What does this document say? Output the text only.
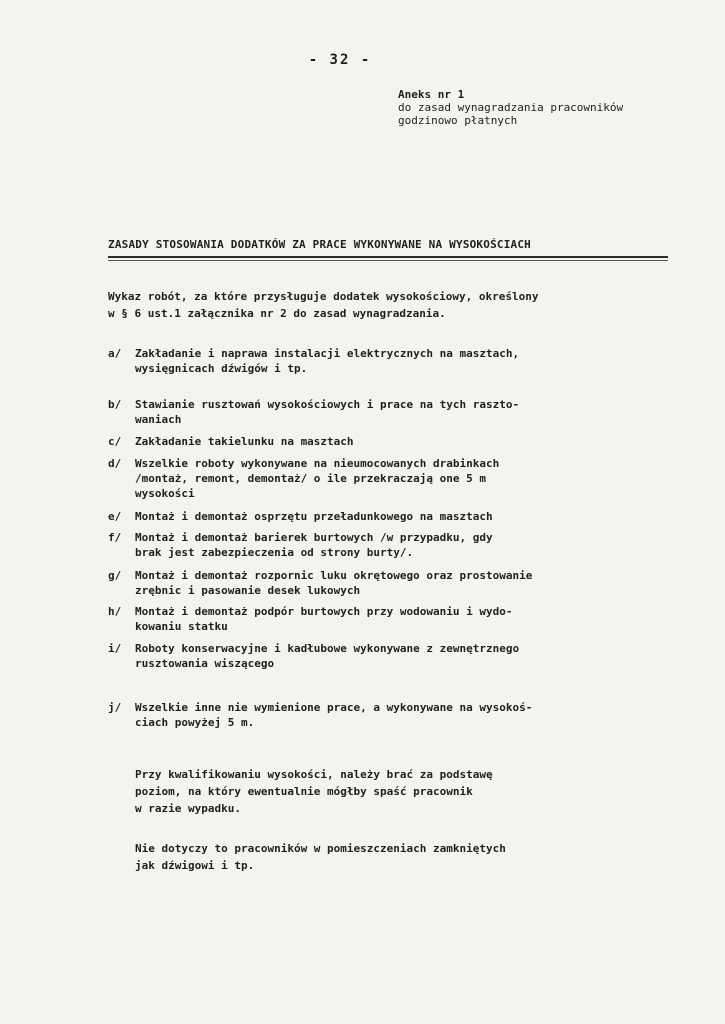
- 32 -
Aneks nr 1
do zasad wynagradzania pracowników
godzinowo płatnych
ZASADY STOSOWANIA DODATKÓW ZA PRACE WYKONYWANE NA WYSOKOŚCIACH
Wykaz robót, za które przysługuje dodatek wysokościowy, określony
w § 6 ust.1 załącznika nr 2 do zasad wynagradzania.
a/	Zakładanie i naprawa instalacji elektrycznych na masztach,
wysięgnicach dźwigów i tp.
b/	Stawianie rusztowań wysokościowych i prace na tych raszto-
waniach
c/	Zakładanie takielunku na masztach
d/	Wszelkie roboty wykonywane na nieumocowanych drabinkach
/montaż, remont, demontaż/ o ile przekraczają one 5 m
wysokości
e/	Montaż i demontaż osprzętu przeładunkowego na masztach
f/	Montaż i demontaż barierek burtowych /w przypadku, gdy
brak jest zabezpieczenia od strony burty/.
g/	Montaż i demontaż rozpornic luku okrętowego oraz prostowanie
zrębnic i pasowanie desek lukowych
h/	Montaż i demontaż podpór burtowych przy wodowaniu i wydo-
kowaniu statku
i/	Roboty konserwacyjne i kadłubowe wykonywane z zewnętrznego
rusztowania wiszącego
j/	Wszelkie inne nie wymienione prace, a wykonywane na wysokoś-
ciach powyżej 5 m.
Przy kwalifikowaniu wysokości, należy brać za podstawę
poziom, na który ewentualnie mógłby spaść pracownik
w razie wypadku.
Nie dotyczy to pracowników w pomieszczeniach zamkniętych
jak dźwigowi i tp.
